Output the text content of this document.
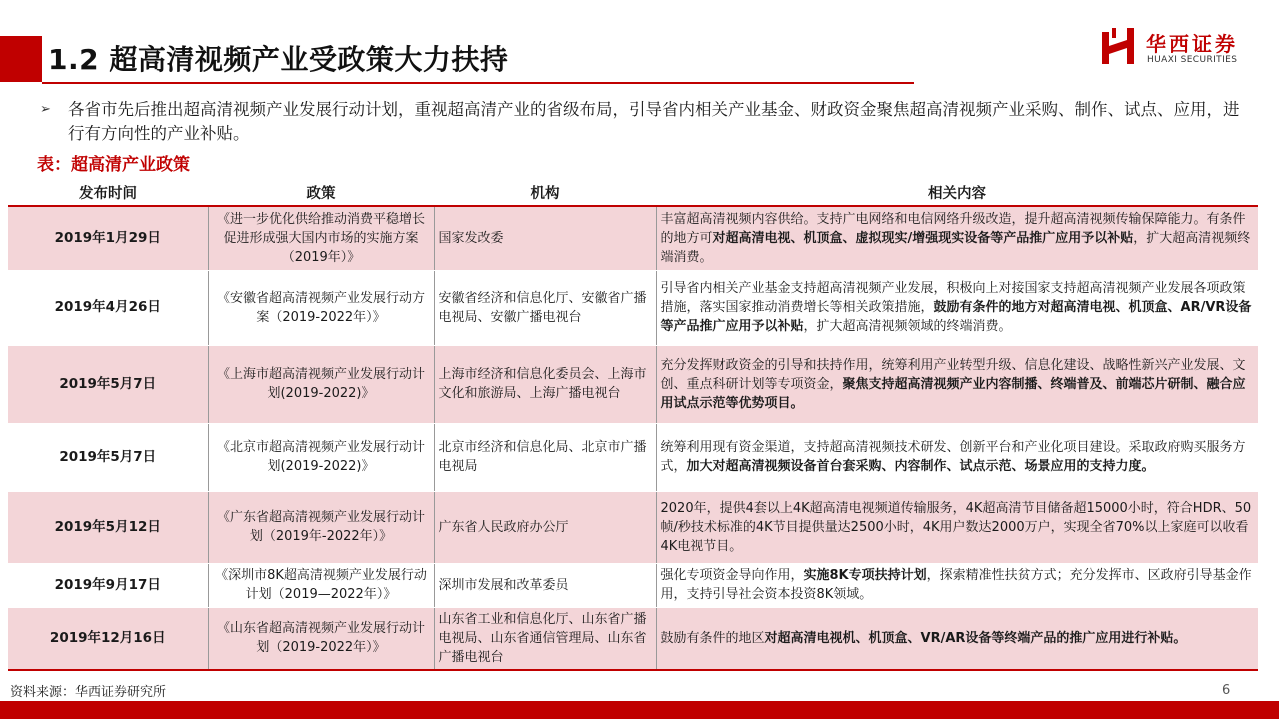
1.2 超高清视频产业受政策大力扶持	华西证券
HUAXI SECURITIES
➢ 各省市先后推出超高清视频产业发展行动计划，重视超高清产业的省级布局，引导省内相关产业基金、财政资金聚焦超高清视频产业采购、制作、试点、应用，进行有方向性的产业补贴。
表：超高清产业政策
发布时间	政策	机构	相关内容
2019年1月29日	《进一步优化供给推动消费平稳增长促进形成强大国内市场的实施方案（2019年）》	国家发改委	丰富超高清视频内容供给。支持广电网络和电信网络升级改造，提升超高清视频传输保障能力。有条件的地方可对超高清电视、机顶盒、虚拟现实/增强现实设备等产品推广应用予以补贴，扩大超高清视频终端消费。
2019年4月26日	《安徽省超高清视频产业发展行动方案（2019-2022年）》	安徽省经济和信息化厅、安徽省广播电视局、安徽广播电视台	引导省内相关产业基金支持超高清视频产业发展，积极向上对接国家支持超高清视频产业发展各项政策措施，落实国家推动消费增长等相关政策措施，鼓励有条件的地方对超高清电视、机顶盒、AR/VR设备等产品推广应用予以补贴，扩大超高清视频领域的终端消费。
2019年5月7日	《上海市超高清视频产业发展行动计划(2019-2022)》	上海市经济和信息化委员会、上海市文化和旅游局、上海广播电视台	充分发挥财政资金的引导和扶持作用，统筹利用产业转型升级、信息化建设、战略性新兴产业发展、文创、重点科研计划等专项资金，聚焦支持超高清视频产业内容制播、终端普及、前端芯片研制、融合应用试点示范等优势项目。
2019年5月7日	《北京市超高清视频产业发展行动计划(2019-2022)》	北京市经济和信息化局、北京市广播电视局	统筹利用现有资金渠道，支持超高清视频技术研发、创新平台和产业化项目建设。采取政府购买服务方式，加大对超高清视频设备首台套采购、内容制作、试点示范、场景应用的支持力度。
2019年5月12日	《广东省超高清视频产业发展行动计划（2019年-2022年）》	广东省人民政府办公厅	2020年，提供4套以上4K超高清电视频道传输服务，4K超高清节目储备超15000小时，符合HDR、50帧/秒技术标准的4K节目提供量达2500小时，4K用户数达2000万户，实现全省70%以上家庭可以收看4K电视节目。
2019年9月17日	《深圳市8K超高清视频产业发展行动计划（2019—2022年）》	深圳市发展和改革委员	强化专项资金导向作用，实施8K专项扶持计划，探索精准性扶贫方式；充分发挥市、区政府引导基金作用，支持引导社会资本投资8K领域。
2019年12月16日	《山东省超高清视频产业发展行动计划（2019-2022年）》	山东省工业和信息化厅、山东省广播电视局、山东省通信管理局、山东省广播电视台	鼓励有条件的地区对超高清电视机、机顶盒、VR/AR设备等终端产品的推广应用进行补贴。
资料来源：华西证券研究所	6
